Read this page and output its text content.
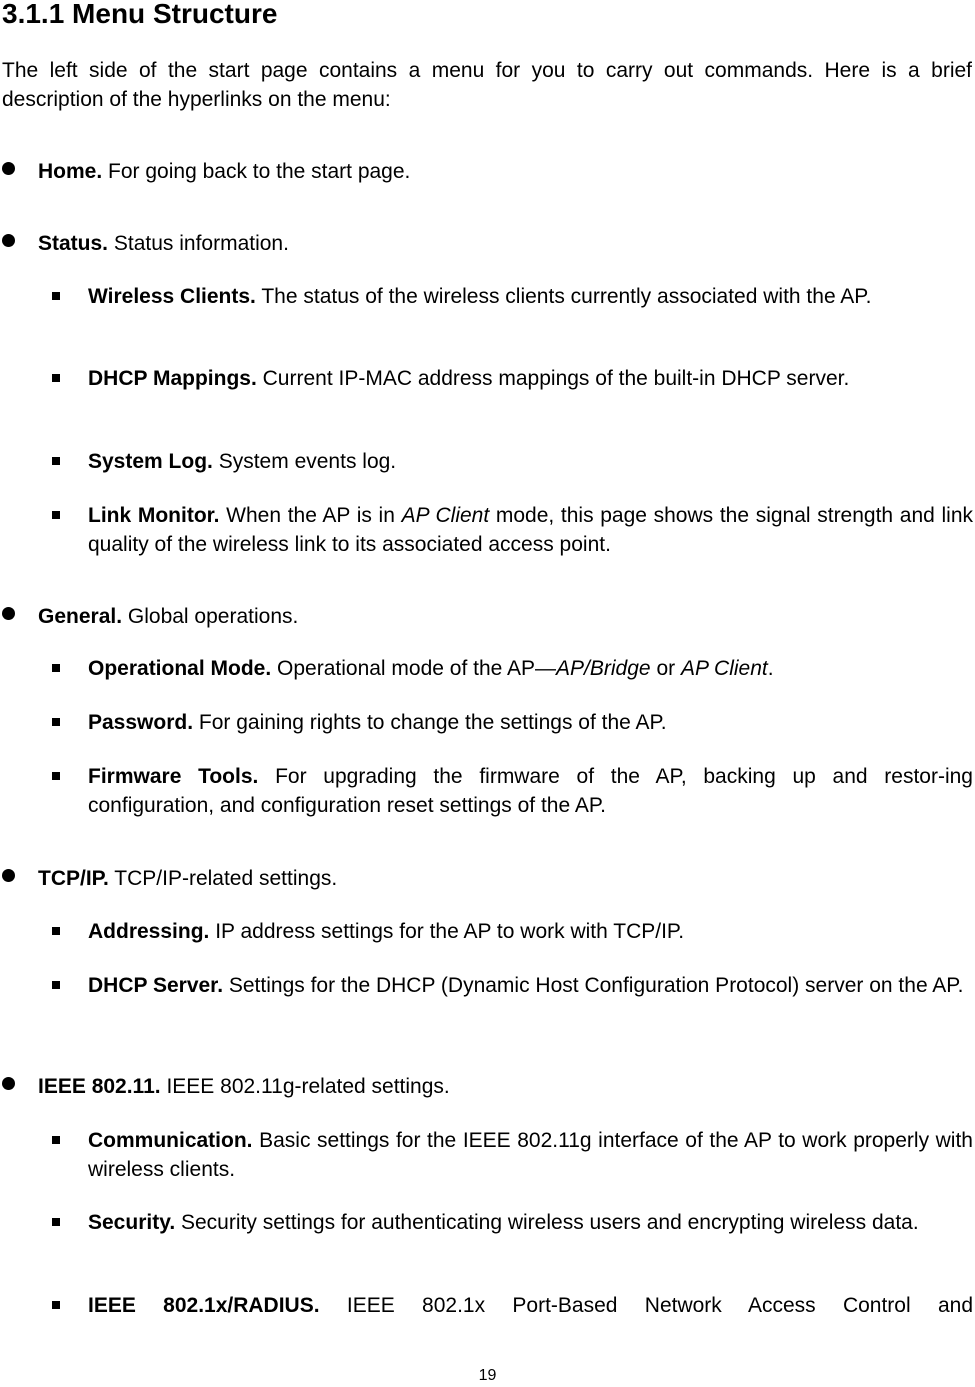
3.1.1 Menu Structure

The left side of the start page contains a menu for you to carry out commands. Here is a brief description of the hyperlinks on the menu:

Home. For going back to the start page.
Status. Status information.

Wireless Clients. The status of the wireless clients currently associated with the AP.

DHCP Mappings. Current IP-MAC address mappings of the built-in DHCP server.

System Log. System events log.

Link Monitor. When the AP is in AP Client mode, this page shows the signal strength and link quality of the wireless link to its associated access point.

General. Global operations.

Operational Mode. Operational mode of the AP—AP/Bridge or AP Client.

Password. For gaining rights to change the settings of the AP.

Firmware Tools. For upgrading the firmware of the AP, backing up and restor-ing configuration, and configuration reset settings of the AP.

TCP/IP. TCP/IP-related settings.

Addressing. IP address settings for the AP to work with TCP/IP.

DHCP Server. Settings for the DHCP (Dynamic Host Configuration Protocol) server on the AP.

IEEE 802.11. IEEE 802.11g-related settings.

Communication. Basic settings for the IEEE 802.11g interface of the AP to work properly with wireless clients.

Security. Security settings for authenticating wireless users and encrypting wireless data.

IEEE 802.1x/RADIUS. IEEE 802.1x Port-Based Network Access Control and

19
